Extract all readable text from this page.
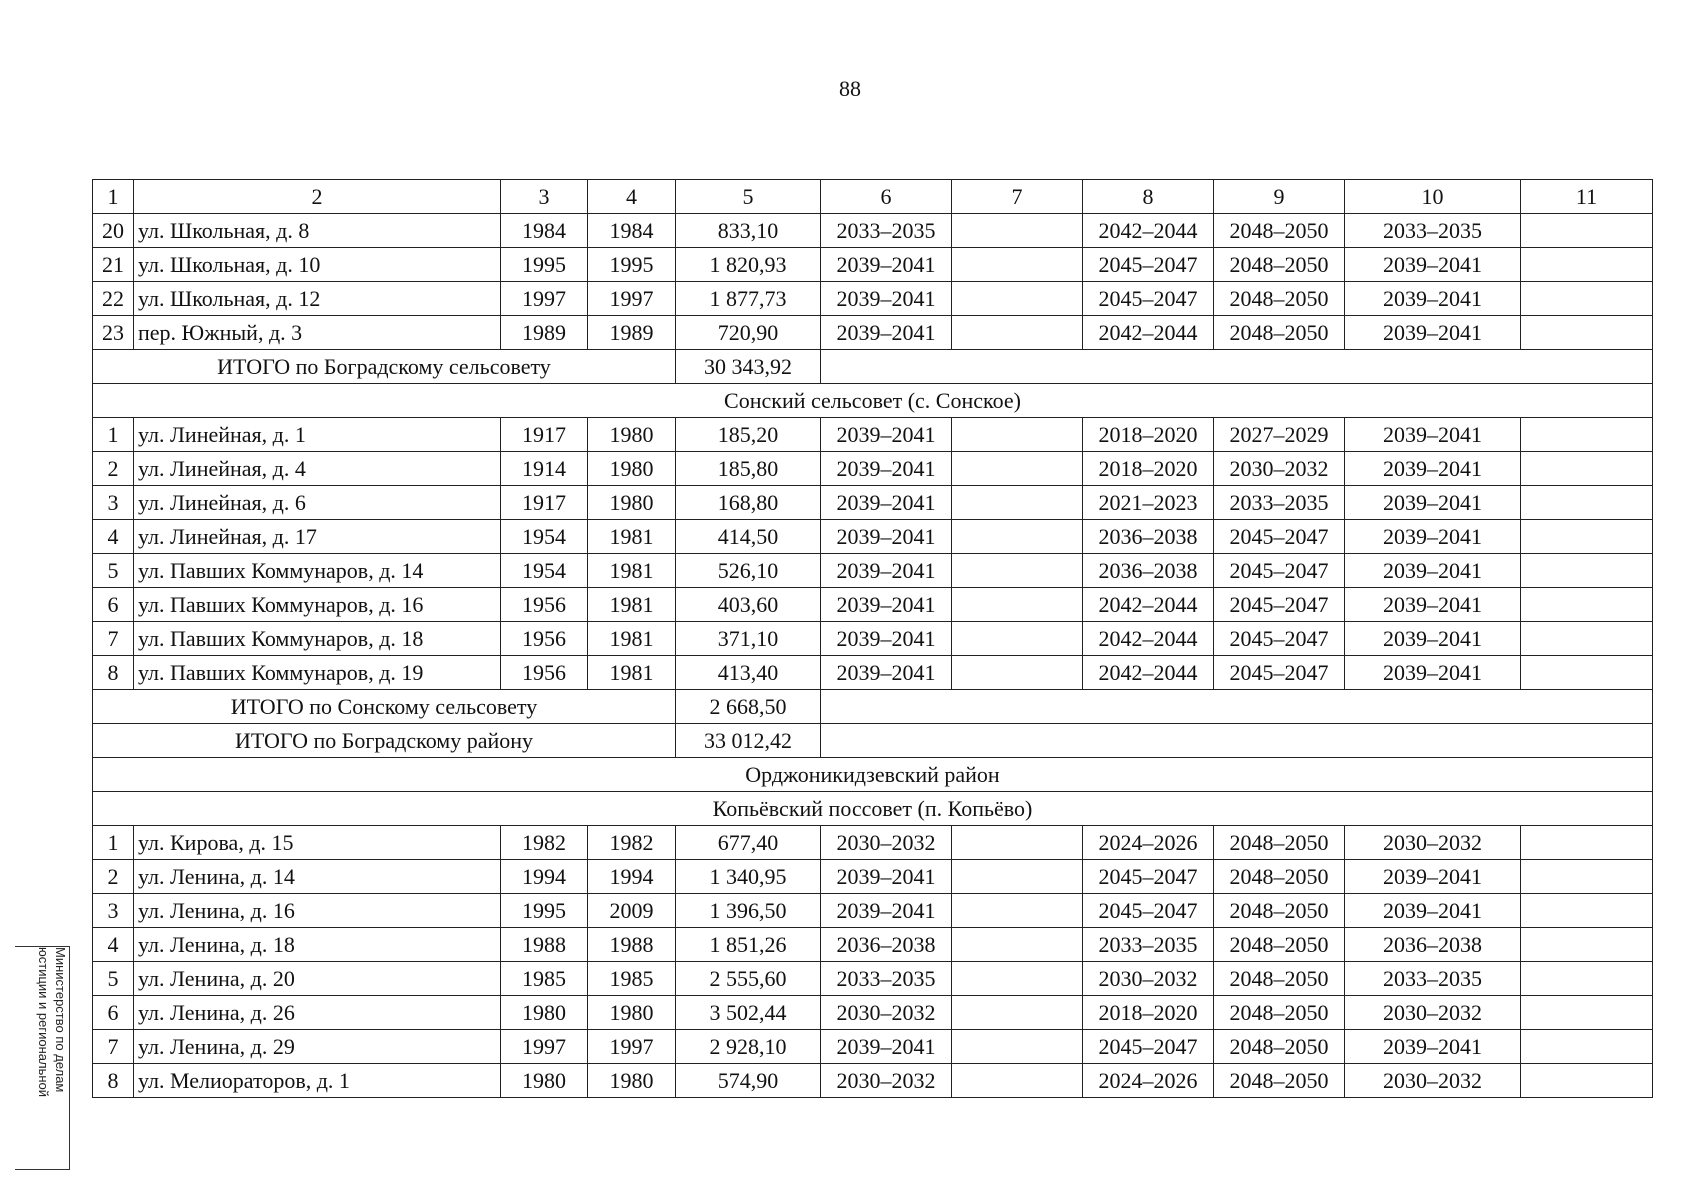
88
1	2	3	4	5	6	7	8	9	10	11
20	ул. Школьная, д. 8	1984	1984	833,10	2033–2035		2042–2044	2048–2050	2033–2035	
21	ул. Школьная, д. 10	1995	1995	1 820,93	2039–2041		2045–2047	2048–2050	2039–2041	
22	ул. Школьная, д. 12	1997	1997	1 877,73	2039–2041		2045–2047	2048–2050	2039–2041	
23	пер. Южный, д. 3	1989	1989	720,90	2039–2041		2042–2044	2048–2050	2039–2041	
ИТОГО по Боградскому сельсовету				30 343,92						
Сонский сельсовет (с. Сонское)										
1	ул. Линейная, д. 1	1917	1980	185,20	2039–2041		2018–2020	2027–2029	2039–2041	
2	ул. Линейная, д. 4	1914	1980	185,80	2039–2041		2018–2020	2030–2032	2039–2041	
3	ул. Линейная, д. 6	1917	1980	168,80	2039–2041		2021–2023	2033–2035	2039–2041	
4	ул. Линейная, д. 17	1954	1981	414,50	2039–2041		2036–2038	2045–2047	2039–2041	
5	ул. Павших Коммунаров, д. 14	1954	1981	526,10	2039–2041		2036–2038	2045–2047	2039–2041	
6	ул. Павших Коммунаров, д. 16	1956	1981	403,60	2039–2041		2042–2044	2045–2047	2039–2041	
7	ул. Павших Коммунаров, д. 18	1956	1981	371,10	2039–2041		2042–2044	2045–2047	2039–2041	
8	ул. Павших Коммунаров, д. 19	1956	1981	413,40	2039–2041		2042–2044	2045–2047	2039–2041	
ИТОГО по Сонскому сельсовету				2 668,50						
ИТОГО по Боградскому району				33 012,42						
Орджоникидзевский район										
Копьёвский поссовет (п. Копьёво)										
1	ул. Кирова, д. 15	1982	1982	677,40	2030–2032		2024–2026	2048–2050	2030–2032	
2	ул. Ленина, д. 14	1994	1994	1 340,95	2039–2041		2045–2047	2048–2050	2039–2041	
3	ул. Ленина, д. 16	1995	2009	1 396,50	2039–2041		2045–2047	2048–2050	2039–2041	
4	ул. Ленина, д. 18	1988	1988	1 851,26	2036–2038		2033–2035	2048–2050	2036–2038	
5	ул. Ленина, д. 20	1985	1985	2 555,60	2033–2035		2030–2032	2048–2050	2033–2035	
6	ул. Ленина, д. 26	1980	1980	3 502,44	2030–2032		2018–2020	2048–2050	2030–2032	
7	ул. Ленина, д. 29	1997	1997	2 928,10	2039–2041		2045–2047	2048–2050	2039–2041	
8	ул. Мелиораторов, д. 1	1980	1980	574,90	2030–2032		2024–2026	2048–2050	2030–2032	
Министерство по делам
юстиции и региональной
